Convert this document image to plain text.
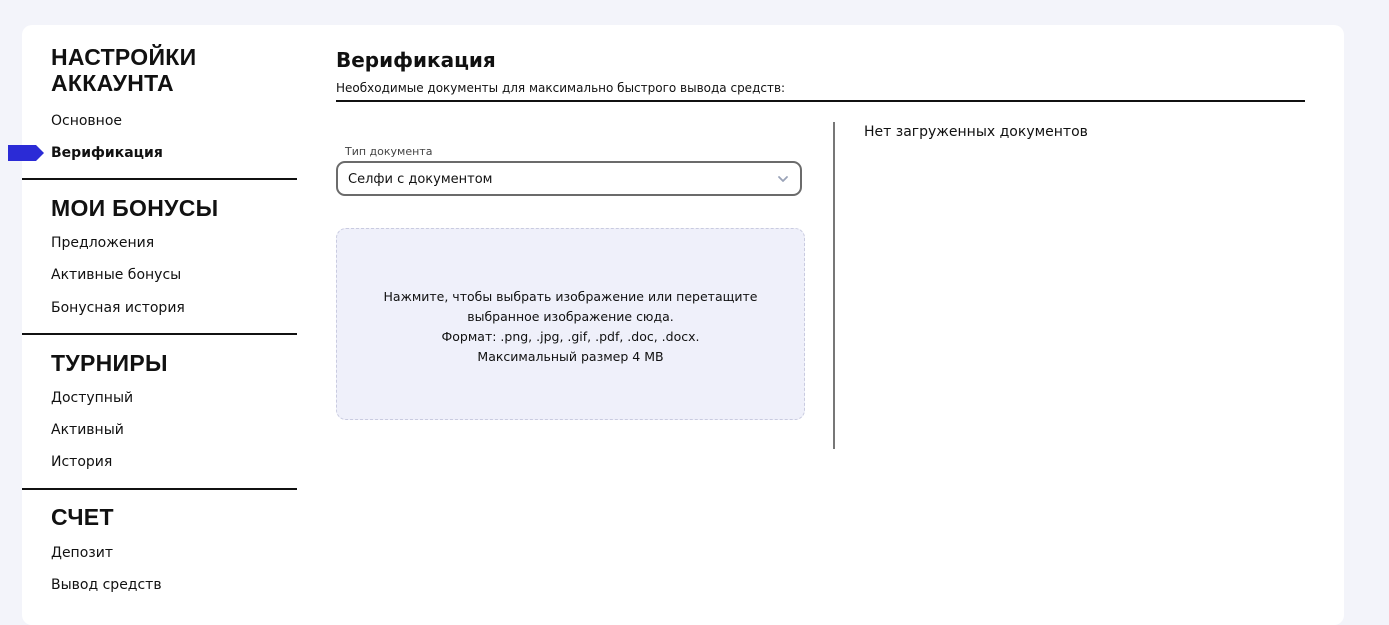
НАСТРОЙКИ АККАУНТА
Основное
Верификация
МОИ БОНУСЫ
Предложения
Активные бонусы
Бонусная история
ТУРНИРЫ
Доступный
Активный
История
СЧЕТ
Депозит
Вывод средств
Верификация
Необходимые документы для максимально быстрого вывода средств:
Тип документа
Селфи с документом
Нажмите, чтобы выбрать изображение или перетащите
выбранное изображение сюда.
Формат: .png, .jpg, .gif, .pdf, .doc, .docx.
Максимальный размер 4 MB
Нет загруженных документов
